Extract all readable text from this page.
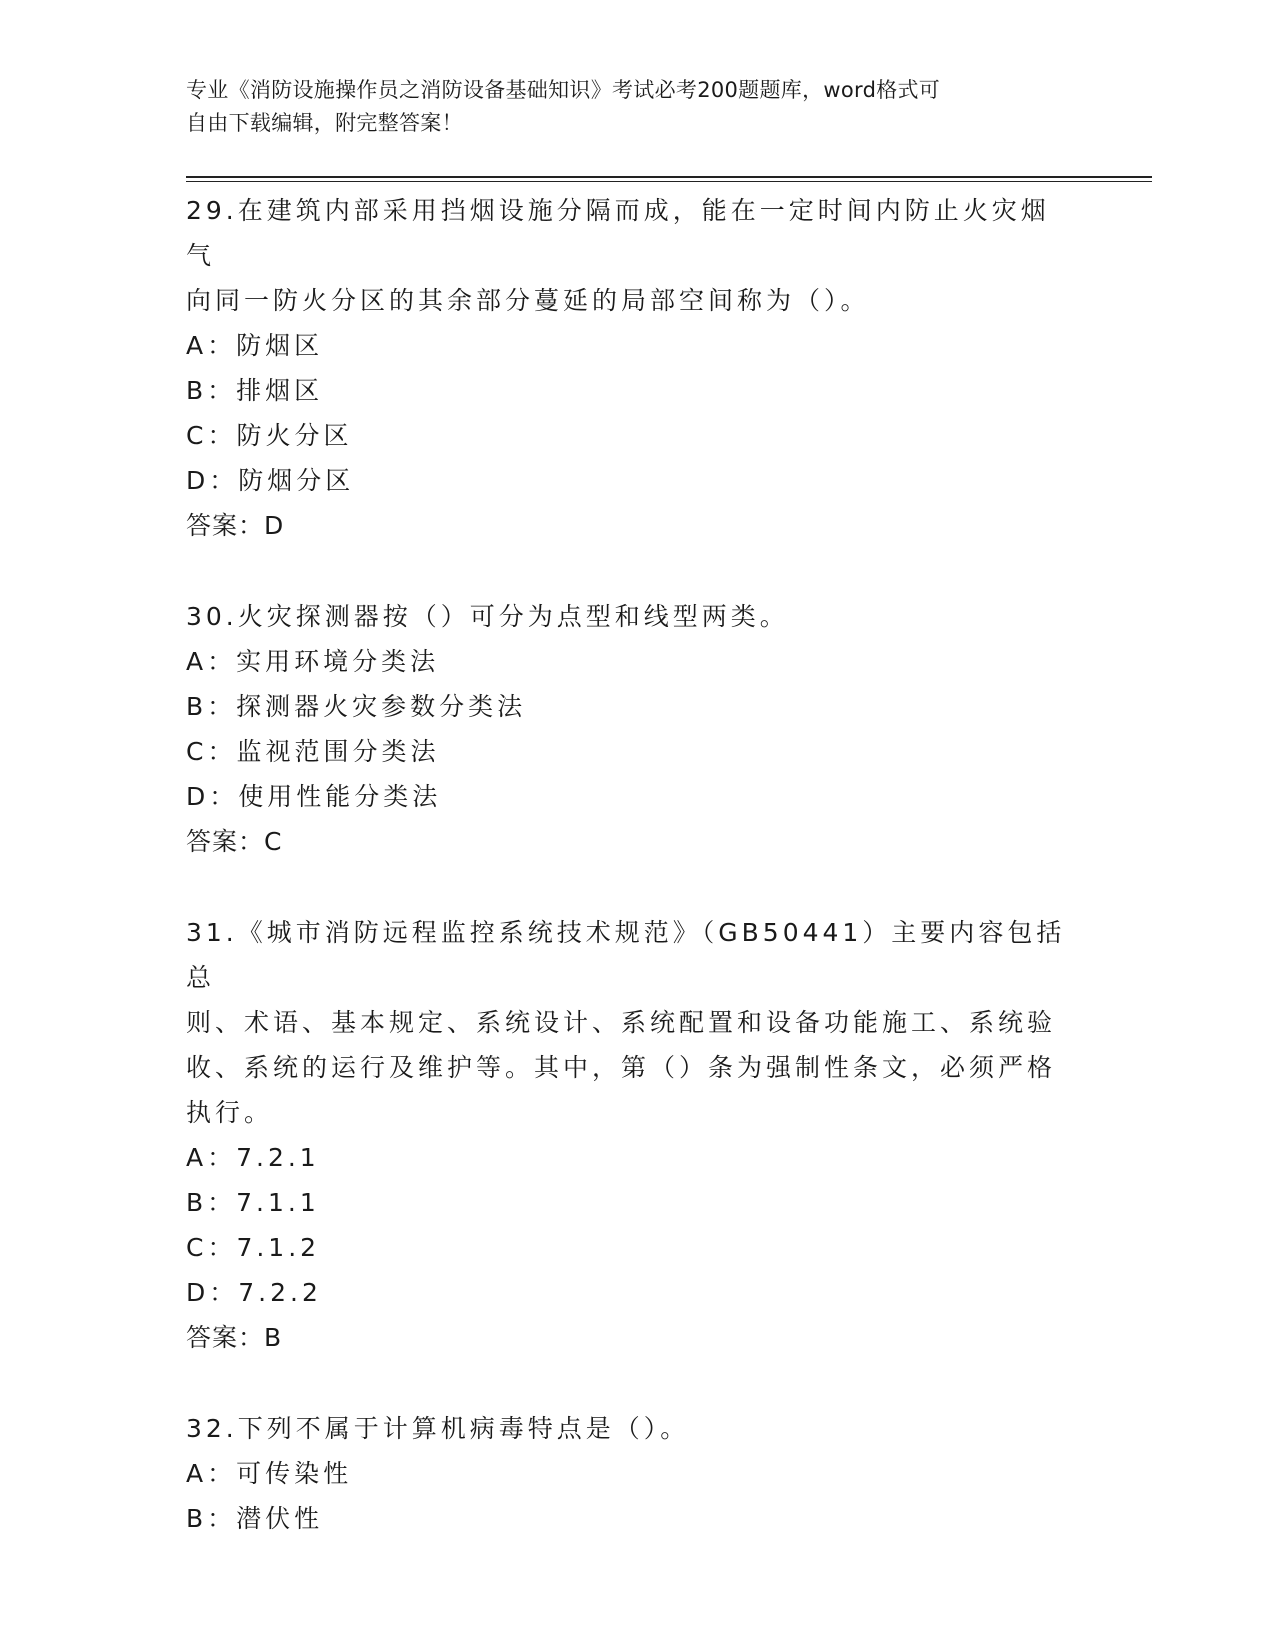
专业《消防设施操作员之消防设备基础知识》考试必考200题题库，word格式可
自由下载编辑，附完整答案！
29.在建筑内部采用挡烟设施分隔而成，能在一定时间内防止火灾烟气
向同一防火分区的其余部分蔓延的局部空间称为（）。
A：防烟区
B：排烟区
C：防火分区
D：防烟分区
答案：D
30.火灾探测器按（）可分为点型和线型两类。
A：实用环境分类法
B：探测器火灾参数分类法
C：监视范围分类法
D：使用性能分类法
答案：C
31.《城市消防远程监控系统技术规范》（GB50441）主要内容包括总
则、术语、基本规定、系统设计、系统配置和设备功能施工、系统验
收、系统的运行及维护等。其中，第（）条为强制性条文，必须严格
执行。
A：7.2.1
B：7.1.1
C：7.1.2
D：7.2.2
答案：B
32.下列不属于计算机病毒特点是（）。
A：可传染性
B：潜伏性
